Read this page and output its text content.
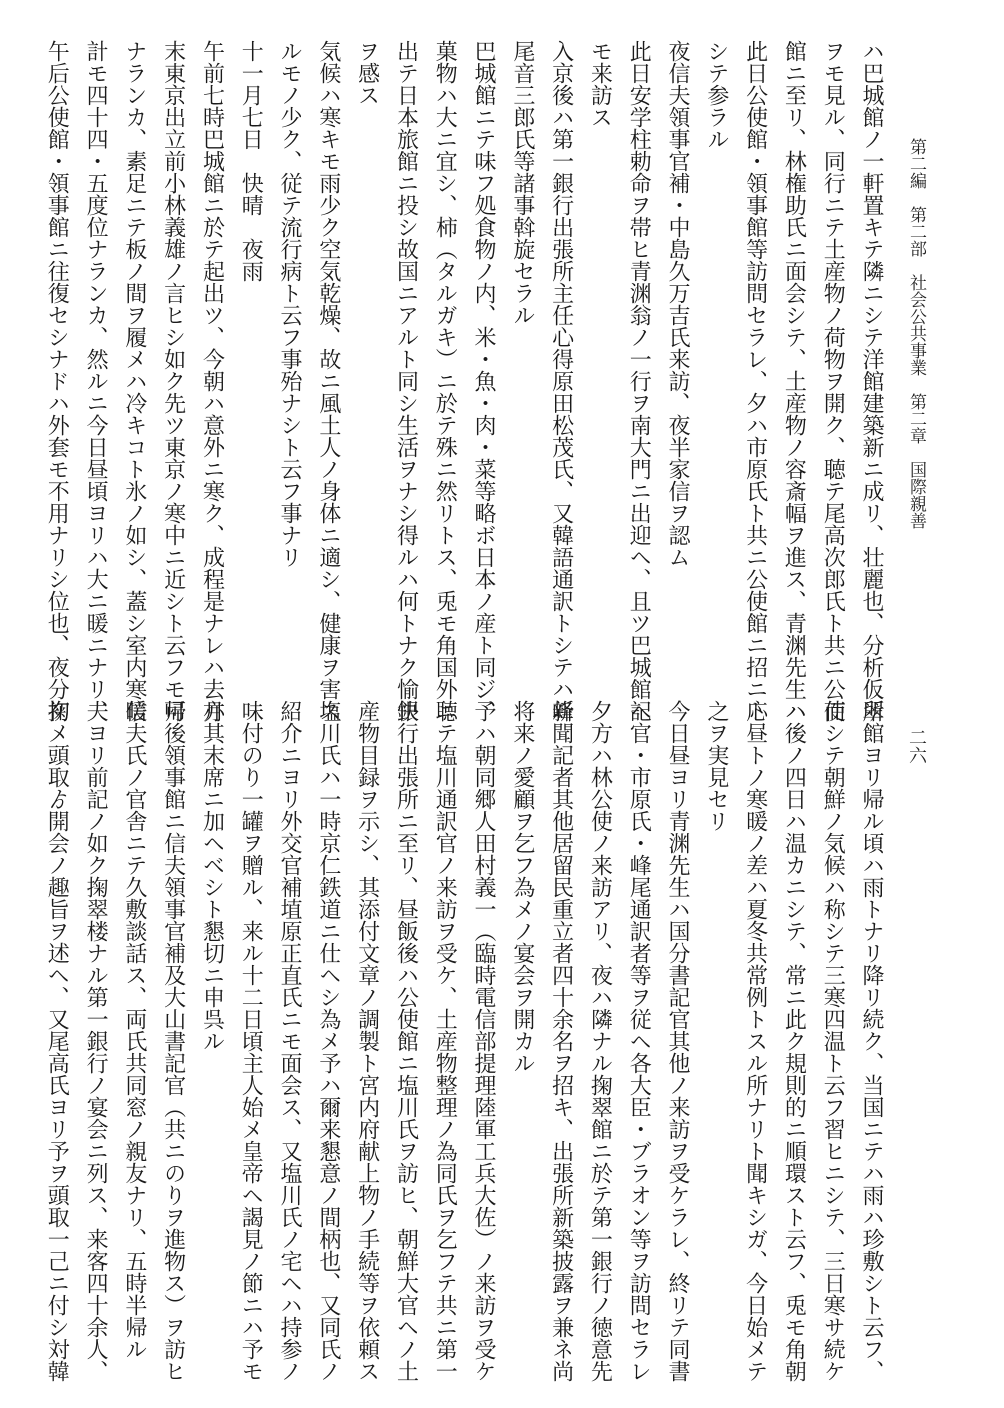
第二編　第二部　社会公共事業　第二章　国際親善
二六
ハ巴城館ノ一軒置キテ隣ニシテ洋館建築新ニ成リ、壮麗也、分析仮所
ヲモ見ル、同行ニテ土産物ノ荷物ヲ開ク、聴テ尾高次郎氏ト共ニ公使
館ニ至リ、林権助氏ニ面会シテ、土産物ノ容斎幅ヲ進ス、青渊先生ハ
此日公使館・領事館等訪問セラレ、夕ハ市原氏ト共ニ公使館ニ招ニ応
シテ参ラル
夜信夫領事官補・中島久万吉氏来訪、夜半家信ヲ認ム
此日安学柱勅命ヲ帯ヒ青渊翁ノ一行ヲ南大門ニ出迎ヘ、且ツ巴城館ヘ
モ来訪ス
入京後ハ第一銀行出張所主任心得原田松茂氏、又韓語通訳トシテハ峰
尾音三郎氏等諸事斡旋セラル
巴城館ニテ味フ処食物ノ内、米・魚・肉・菜等略ボ日本ノ産ト同ジ、
菓物ハ大ニ宜シ、柿（タルガキ）ニ於テ殊ニ然リトス、兎モ角国外ニ
出テ日本旅館ニ投シ故国ニアルト同シ生活ヲナシ得ルハ何トナク愉快
ヲ感ス
気候ハ寒キモ雨少ク空気乾燥、故ニ風土人ノ身体ニ適シ、健康ヲ害ス
ルモノ少ク、従テ流行病ト云フ事殆ナシト云フ事ナリ
十一月七日　快晴　夜雨
午前七時巴城館ニ於テ起出ツ、今朝ハ意外ニ寒ク、成程是ナレハ去月
末東京出立前小林義雄ノ言ヒシ如ク先ツ東京ノ寒中ニ近シト云フモ可
ナランカ、素足ニテ板ノ間ヲ履メハ冷キコト氷ノ如シ、蓋シ室内寒暖
計モ四十四・五度位ナランカ、然ルニ今日昼頃ヨリハ大ニ暖ニナリ、
午后公使館・領事館ニ往復セシナドハ外套モ不用ナリシ位也、夜分掬
翠館ヨリ帰ル頃ハ雨トナリ降リ続ク、当国ニテハ雨ハ珍敷シト云フ、
而シテ朝鮮ノ気候ハ称シテ三寒四温ト云フ習ヒニシテ、三日寒サ続ケ
ハ後ノ四日ハ温カニシテ、常ニ此ク規則的ニ順環スト云フ、兎モ角朝
ト昼トノ寒暖ノ差ハ夏冬共常例トスル所ナリト聞キシガ、今日始メテ
之ヲ実見セリ
今日昼ヨリ青渊先生ハ国分書記官其他ノ来訪ヲ受ケラレ、終リテ同書
記官・市原氏・峰尾通訳者等ヲ従ヘ各大臣・ブラオン等ヲ訪問セラレ
夕方ハ林公使ノ来訪アリ、夜ハ隣ナル掬翠館ニ於テ第一銀行ノ徳意先
新聞記者其他居留民重立者四十余名ヲ招キ、出張所新築披露ヲ兼ネ尚
将来ノ愛顧ヲ乞フ為メノ宴会ヲ開カル
予ハ朝同郷人田村義一（臨時電信部提理陸軍工兵大佐）ノ来訪ヲ受ケ
聴テ塩川通訳官ノ来訪ヲ受ケ、土産物整理ノ為同氏ヲ乞フテ共ニ第一
銀行出張所ニ至リ、昼飯後ハ公使館ニ塩川氏ヲ訪ヒ、朝鮮大官ヘノ土
産物目録ヲ示シ、其添付文章ノ調製ト宮内府献上物ノ手続等ヲ依頼ス
塩川氏ハ一時京仁鉄道ニ仕ヘシ為メ予ハ爾来懇意ノ間柄也、又同氏ノ
紹介ニヨリ外交官補埴原正直氏ニモ面会ス、又塩川氏ノ宅ヘハ持参ノ
味付のり一罐ヲ贈ル、来ル十二日頃主人始メ皇帝ヘ謁見ノ節ニハ予モ
亦其末席ニ加ヘベシト懇切ニ申呉ル
帰後領事館ニ信夫領事官補及大山書記官（共ニのりヲ進物ス）ヲ訪ヒ
信夫氏ノ官舎ニテ久敷談話ス、両氏共同窓ノ親友ナリ、五時半帰ル
夫ヨリ前記ノ如ク掬翠楼ナル第一銀行ノ宴会ニ列ス、来客四十余人、
初メ頭取ゟ開会ノ趣旨ヲ述ヘ、又尾高氏ヨリ予ヲ頭取一己ニ付シ対韓
